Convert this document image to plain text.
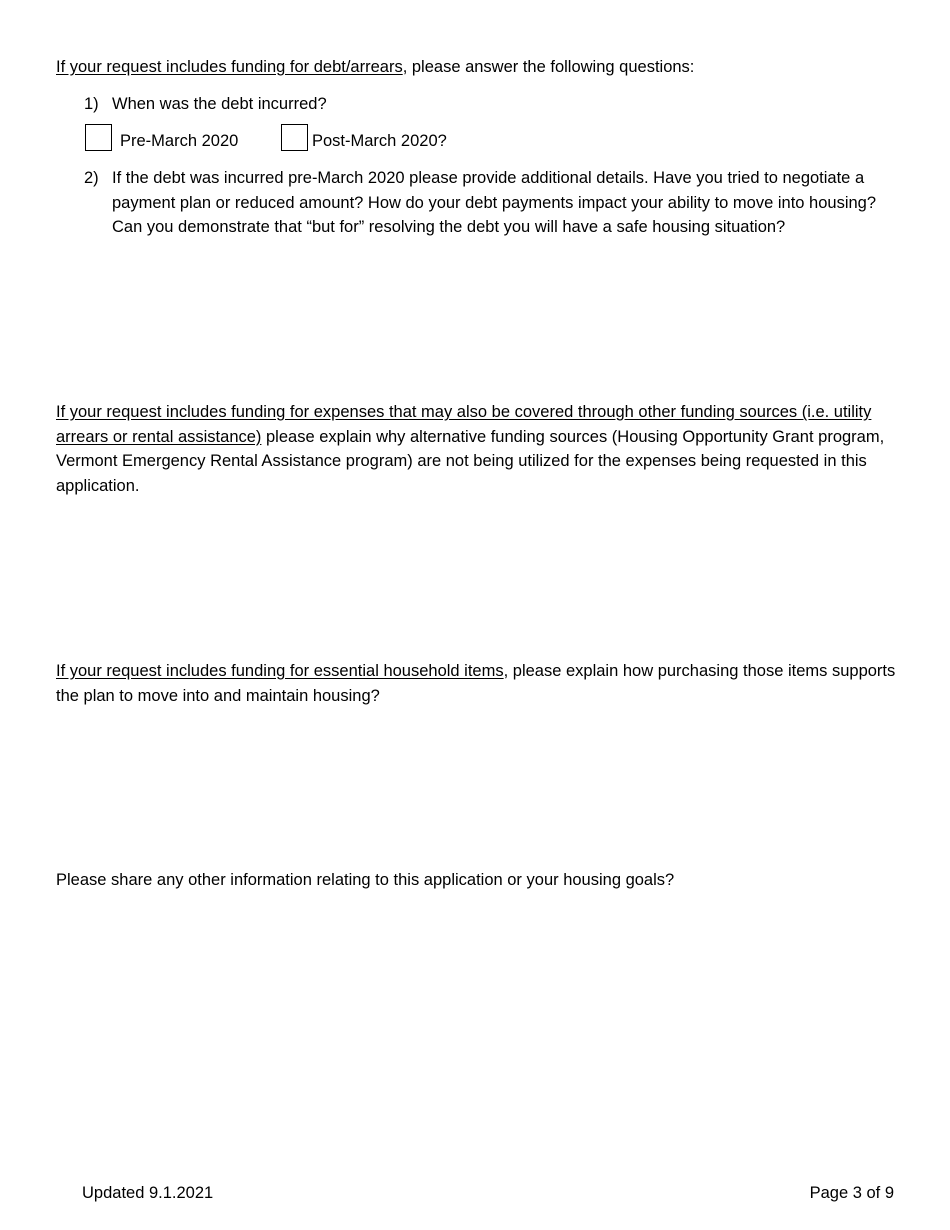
If your request includes funding for debt/arrears, please answer the following questions:

1) When was the debt incurred?
Pre-March 2020	Post-March 2020?
2) If the debt was incurred pre-March 2020 please provide additional details. Have you tried to negotiate a payment plan or reduced amount? How do your debt payments impact your ability to move into housing? Can you demonstrate that “but for” resolving the debt you will have a safe housing situation?

If your request includes funding for expenses that may also be covered through other funding sources (i.e. utility arrears or rental assistance) please explain why alternative funding sources (Housing Opportunity Grant program, Vermont Emergency Rental Assistance program) are not being utilized for the expenses being requested in this application.

If your request includes funding for essential household items, please explain how purchasing those items supports the plan to move into and maintain housing?

Please share any other information relating to this application or your housing goals?

Updated 9.1.2021	Page 3 of 9
